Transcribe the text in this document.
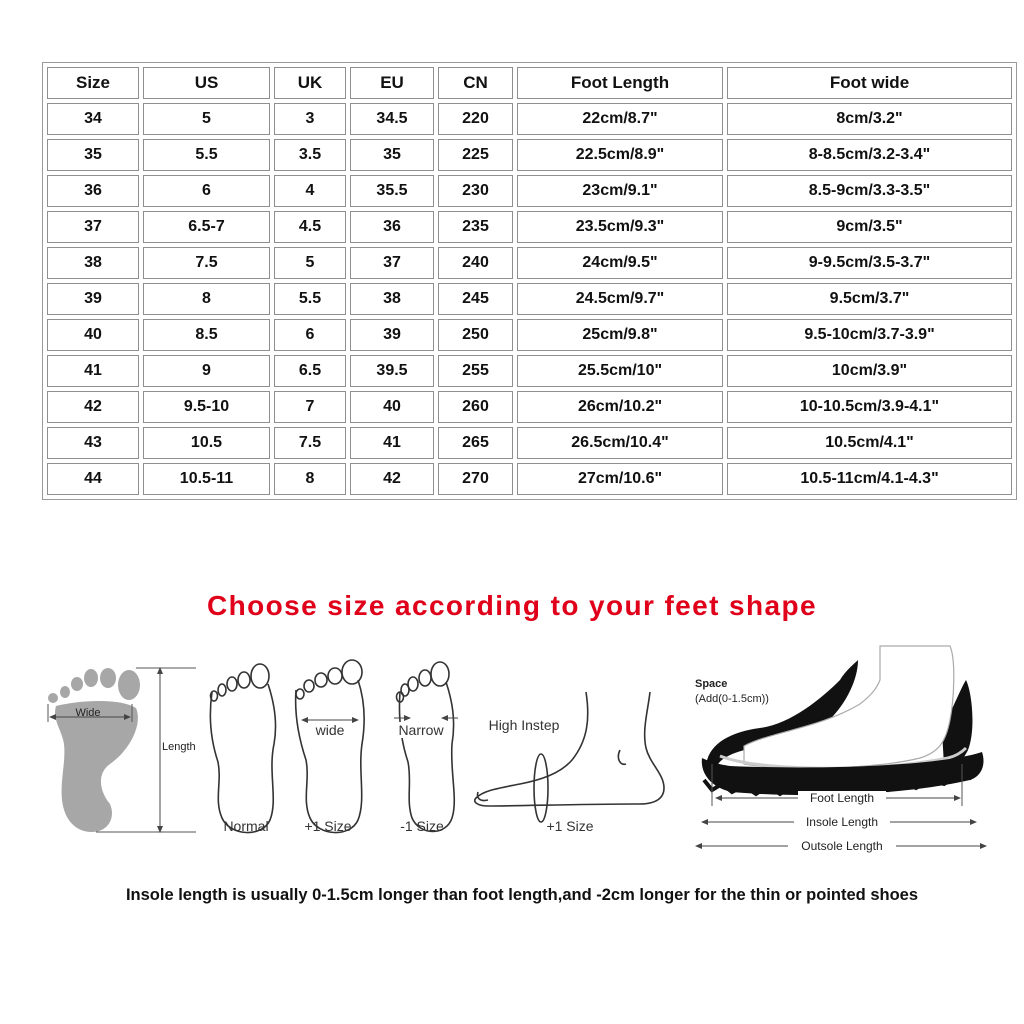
Size	US	UK	EU	CN	Foot Length	Foot wide
34	5	3	34.5	220	22cm/8.7"	8cm/3.2"
35	5.5	3.5	35	225	22.5cm/8.9"	8-8.5cm/3.2-3.4"
36	6	4	35.5	230	23cm/9.1"	8.5-9cm/3.3-3.5"
37	6.5-7	4.5	36	235	23.5cm/9.3"	9cm/3.5"
38	7.5	5	37	240	24cm/9.5"	9-9.5cm/3.5-3.7"
39	8	5.5	38	245	24.5cm/9.7"	9.5cm/3.7"
40	8.5	6	39	250	25cm/9.8"	9.5-10cm/3.7-3.9"
41	9	6.5	39.5	255	25.5cm/10"	10cm/3.9"
42	9.5-10	7	40	260	26cm/10.2"	10-10.5cm/3.9-4.1"
43	10.5	7.5	41	265	26.5cm/10.4"	10.5cm/4.1"
44	10.5-11	8	42	270	27cm/10.6"	10.5-11cm/4.1-4.3"
Choose size according to your feet shape
Wide
Length
Normal
wide
+1 Size
Narrow
-1 Size
High Instep
+1 Size
Space
(Add(0-1.5cm))
Foot Length
Insole Length
Outsole Length

Insole length is usually 0-1.5cm longer than foot length,and -2cm longer for the thin or pointed shoes
